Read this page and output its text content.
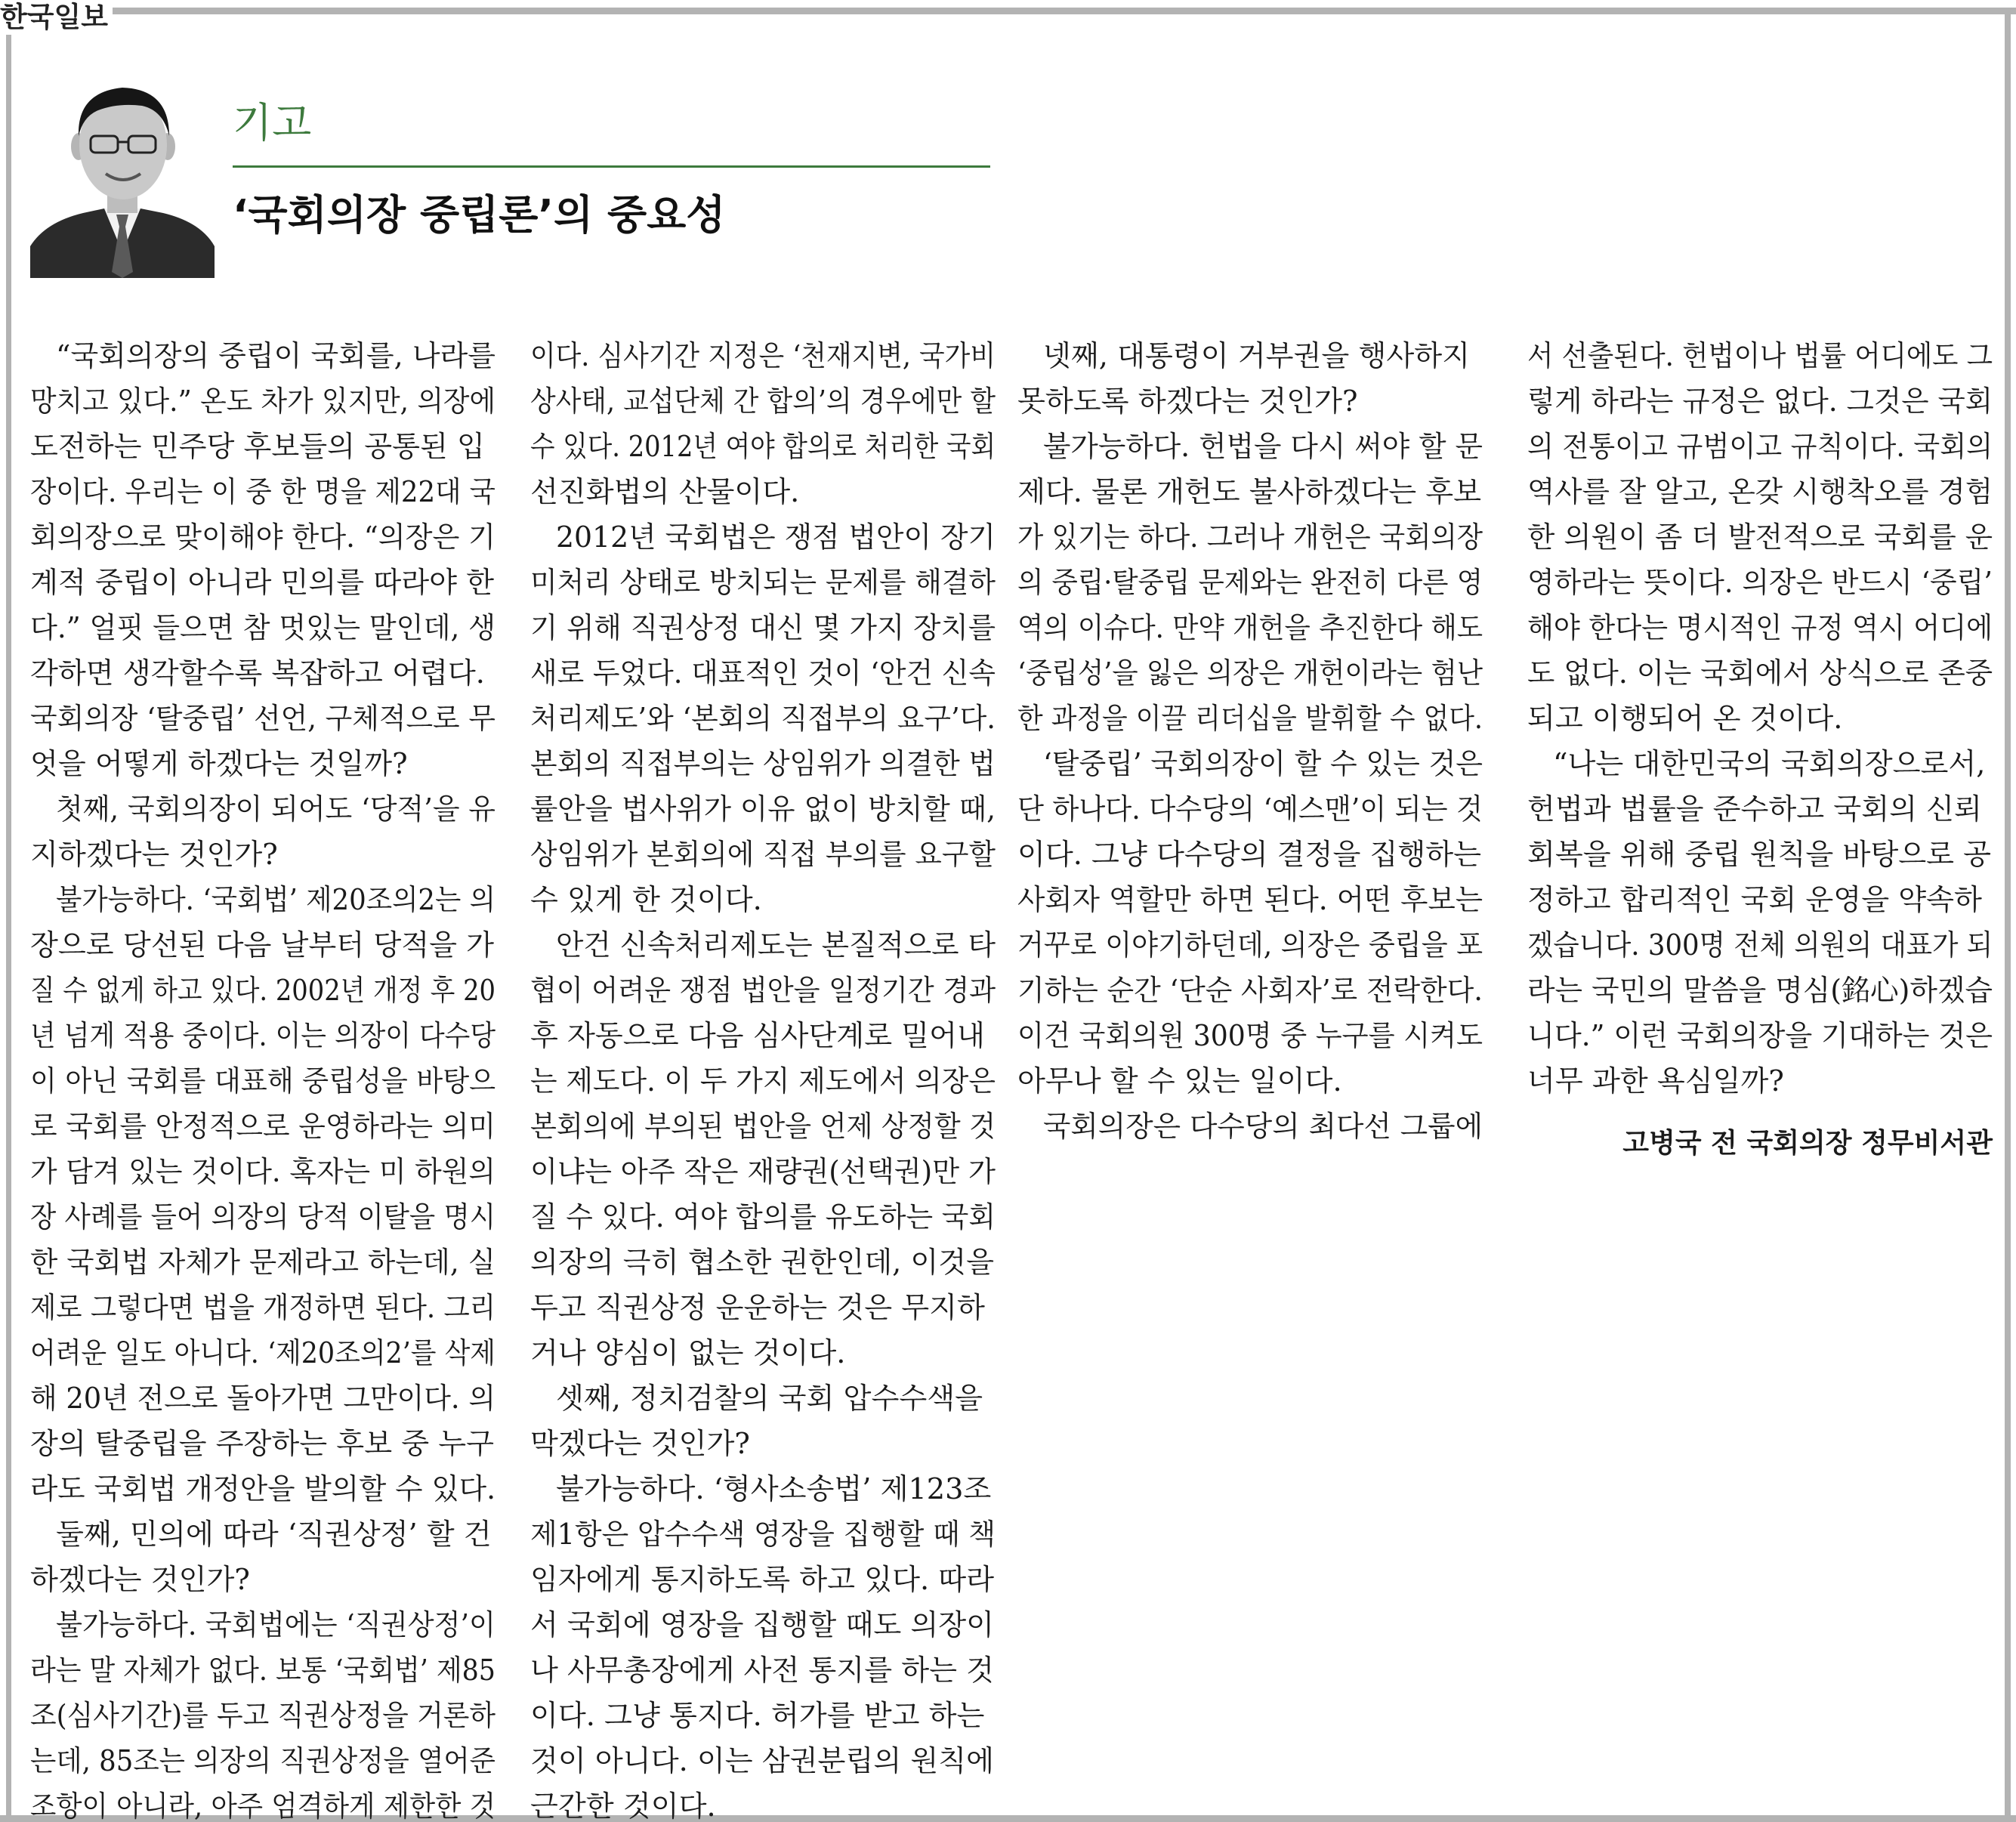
한국일보
기고
‘국회의장 중립론’의 중요성
“국회의장의 중립이 국회를, 나라를
망치고 있다.” 온도 차가 있지만, 의장에
도전하는 민주당 후보들의 공통된 입
장이다. 우리는 이 중 한 명을 제22대 국
회의장으로 맞이해야 한다. “의장은 기
계적 중립이 아니라 민의를 따라야 한
다.” 얼핏 들으면 참 멋있는 말인데, 생
각하면 생각할수록 복잡하고 어렵다.
국회의장 ‘탈중립’ 선언, 구체적으로 무
엇을 어떻게 하겠다는 것일까?
첫째, 국회의장이 되어도 ‘당적’을 유
지하겠다는 것인가?
불가능하다. ‘국회법’ 제20조의2는 의
장으로 당선된 다음 날부터 당적을 가
질 수 없게 하고 있다. 2002년 개정 후 20
년 넘게 적용 중이다. 이는 의장이 다수당
이 아닌 국회를 대표해 중립성을 바탕으
로 국회를 안정적으로 운영하라는 의미
가 담겨 있는 것이다. 혹자는 미 하원의
장 사례를 들어 의장의 당적 이탈을 명시
한 국회법 자체가 문제라고 하는데, 실
제로 그렇다면 법을 개정하면 된다. 그리
어려운 일도 아니다. ‘제20조의2’를 삭제
해 20년 전으로 돌아가면 그만이다. 의
장의 탈중립을 주장하는 후보 중 누구
라도 국회법 개정안을 발의할 수 있다.
둘째, 민의에 따라 ‘직권상정’ 할 건
하겠다는 것인가?
불가능하다. 국회법에는 ‘직권상정’이
라는 말 자체가 없다. 보통 ‘국회법’ 제85
조(심사기간)를 두고 직권상정을 거론하
는데, 85조는 의장의 직권상정을 열어준
조항이 아니라, 아주 엄격하게 제한한 것
이다. 심사기간 지정은 ‘천재지변, 국가비
상사태, 교섭단체 간 합의’의 경우에만 할
수 있다. 2012년 여야 합의로 처리한 국회
선진화법의 산물이다.
2012년 국회법은 쟁점 법안이 장기
미처리 상태로 방치되는 문제를 해결하
기 위해 직권상정 대신 몇 가지 장치를
새로 두었다. 대표적인 것이 ‘안건 신속
처리제도’와 ‘본회의 직접부의 요구’다.
본회의 직접부의는 상임위가 의결한 법
률안을 법사위가 이유 없이 방치할 때,
상임위가 본회의에 직접 부의를 요구할
수 있게 한 것이다.
안건 신속처리제도는 본질적으로 타
협이 어려운 쟁점 법안을 일정기간 경과
후 자동으로 다음 심사단계로 밀어내
는 제도다. 이 두 가지 제도에서 의장은
본회의에 부의된 법안을 언제 상정할 것
이냐는 아주 작은 재량권(선택권)만 가
질 수 있다. 여야 합의를 유도하는 국회
의장의 극히 협소한 권한인데, 이것을
두고 직권상정 운운하는 것은 무지하
거나 양심이 없는 것이다.
셋째, 정치검찰의 국회 압수수색을
막겠다는 것인가?
불가능하다. ‘형사소송법’ 제123조
제1항은 압수수색 영장을 집행할 때 책
임자에게 통지하도록 하고 있다. 따라
서 국회에 영장을 집행할 때도 의장이
나 사무총장에게 사전 통지를 하는 것
이다. 그냥 통지다. 허가를 받고 하는
것이 아니다. 이는 삼권분립의 원칙에
근간한 것이다.
넷째, 대통령이 거부권을 행사하지
못하도록 하겠다는 것인가?
불가능하다. 헌법을 다시 써야 할 문
제다. 물론 개헌도 불사하겠다는 후보
가 있기는 하다. 그러나 개헌은 국회의장
의 중립·탈중립 문제와는 완전히 다른 영
역의 이슈다. 만약 개헌을 추진한다 해도
‘중립성’을 잃은 의장은 개헌이라는 험난
한 과정을 이끌 리더십을 발휘할 수 없다.
‘탈중립’ 국회의장이 할 수 있는 것은
단 하나다. 다수당의 ‘예스맨’이 되는 것
이다. 그냥 다수당의 결정을 집행하는
사회자 역할만 하면 된다. 어떤 후보는
거꾸로 이야기하던데, 의장은 중립을 포
기하는 순간 ‘단순 사회자’로 전락한다.
이건 국회의원 300명 중 누구를 시켜도
아무나 할 수 있는 일이다.
국회의장은 다수당의 최다선 그룹에
서 선출된다. 헌법이나 법률 어디에도 그
렇게 하라는 규정은 없다. 그것은 국회
의 전통이고 규범이고 규칙이다. 국회의
역사를 잘 알고, 온갖 시행착오를 경험
한 의원이 좀 더 발전적으로 국회를 운
영하라는 뜻이다. 의장은 반드시 ‘중립’
해야 한다는 명시적인 규정 역시 어디에
도 없다. 이는 국회에서 상식으로 존중
되고 이행되어 온 것이다.
“나는 대한민국의 국회의장으로서,
헌법과 법률을 준수하고 국회의 신뢰
회복을 위해 중립 원칙을 바탕으로 공
정하고 합리적인 국회 운영을 약속하
겠습니다. 300명 전체 의원의 대표가 되
라는 국민의 말씀을 명심(銘心)하겠습
니다.” 이런 국회의장을 기대하는 것은
너무 과한 욕심일까?
고병국 전 국회의장 정무비서관
